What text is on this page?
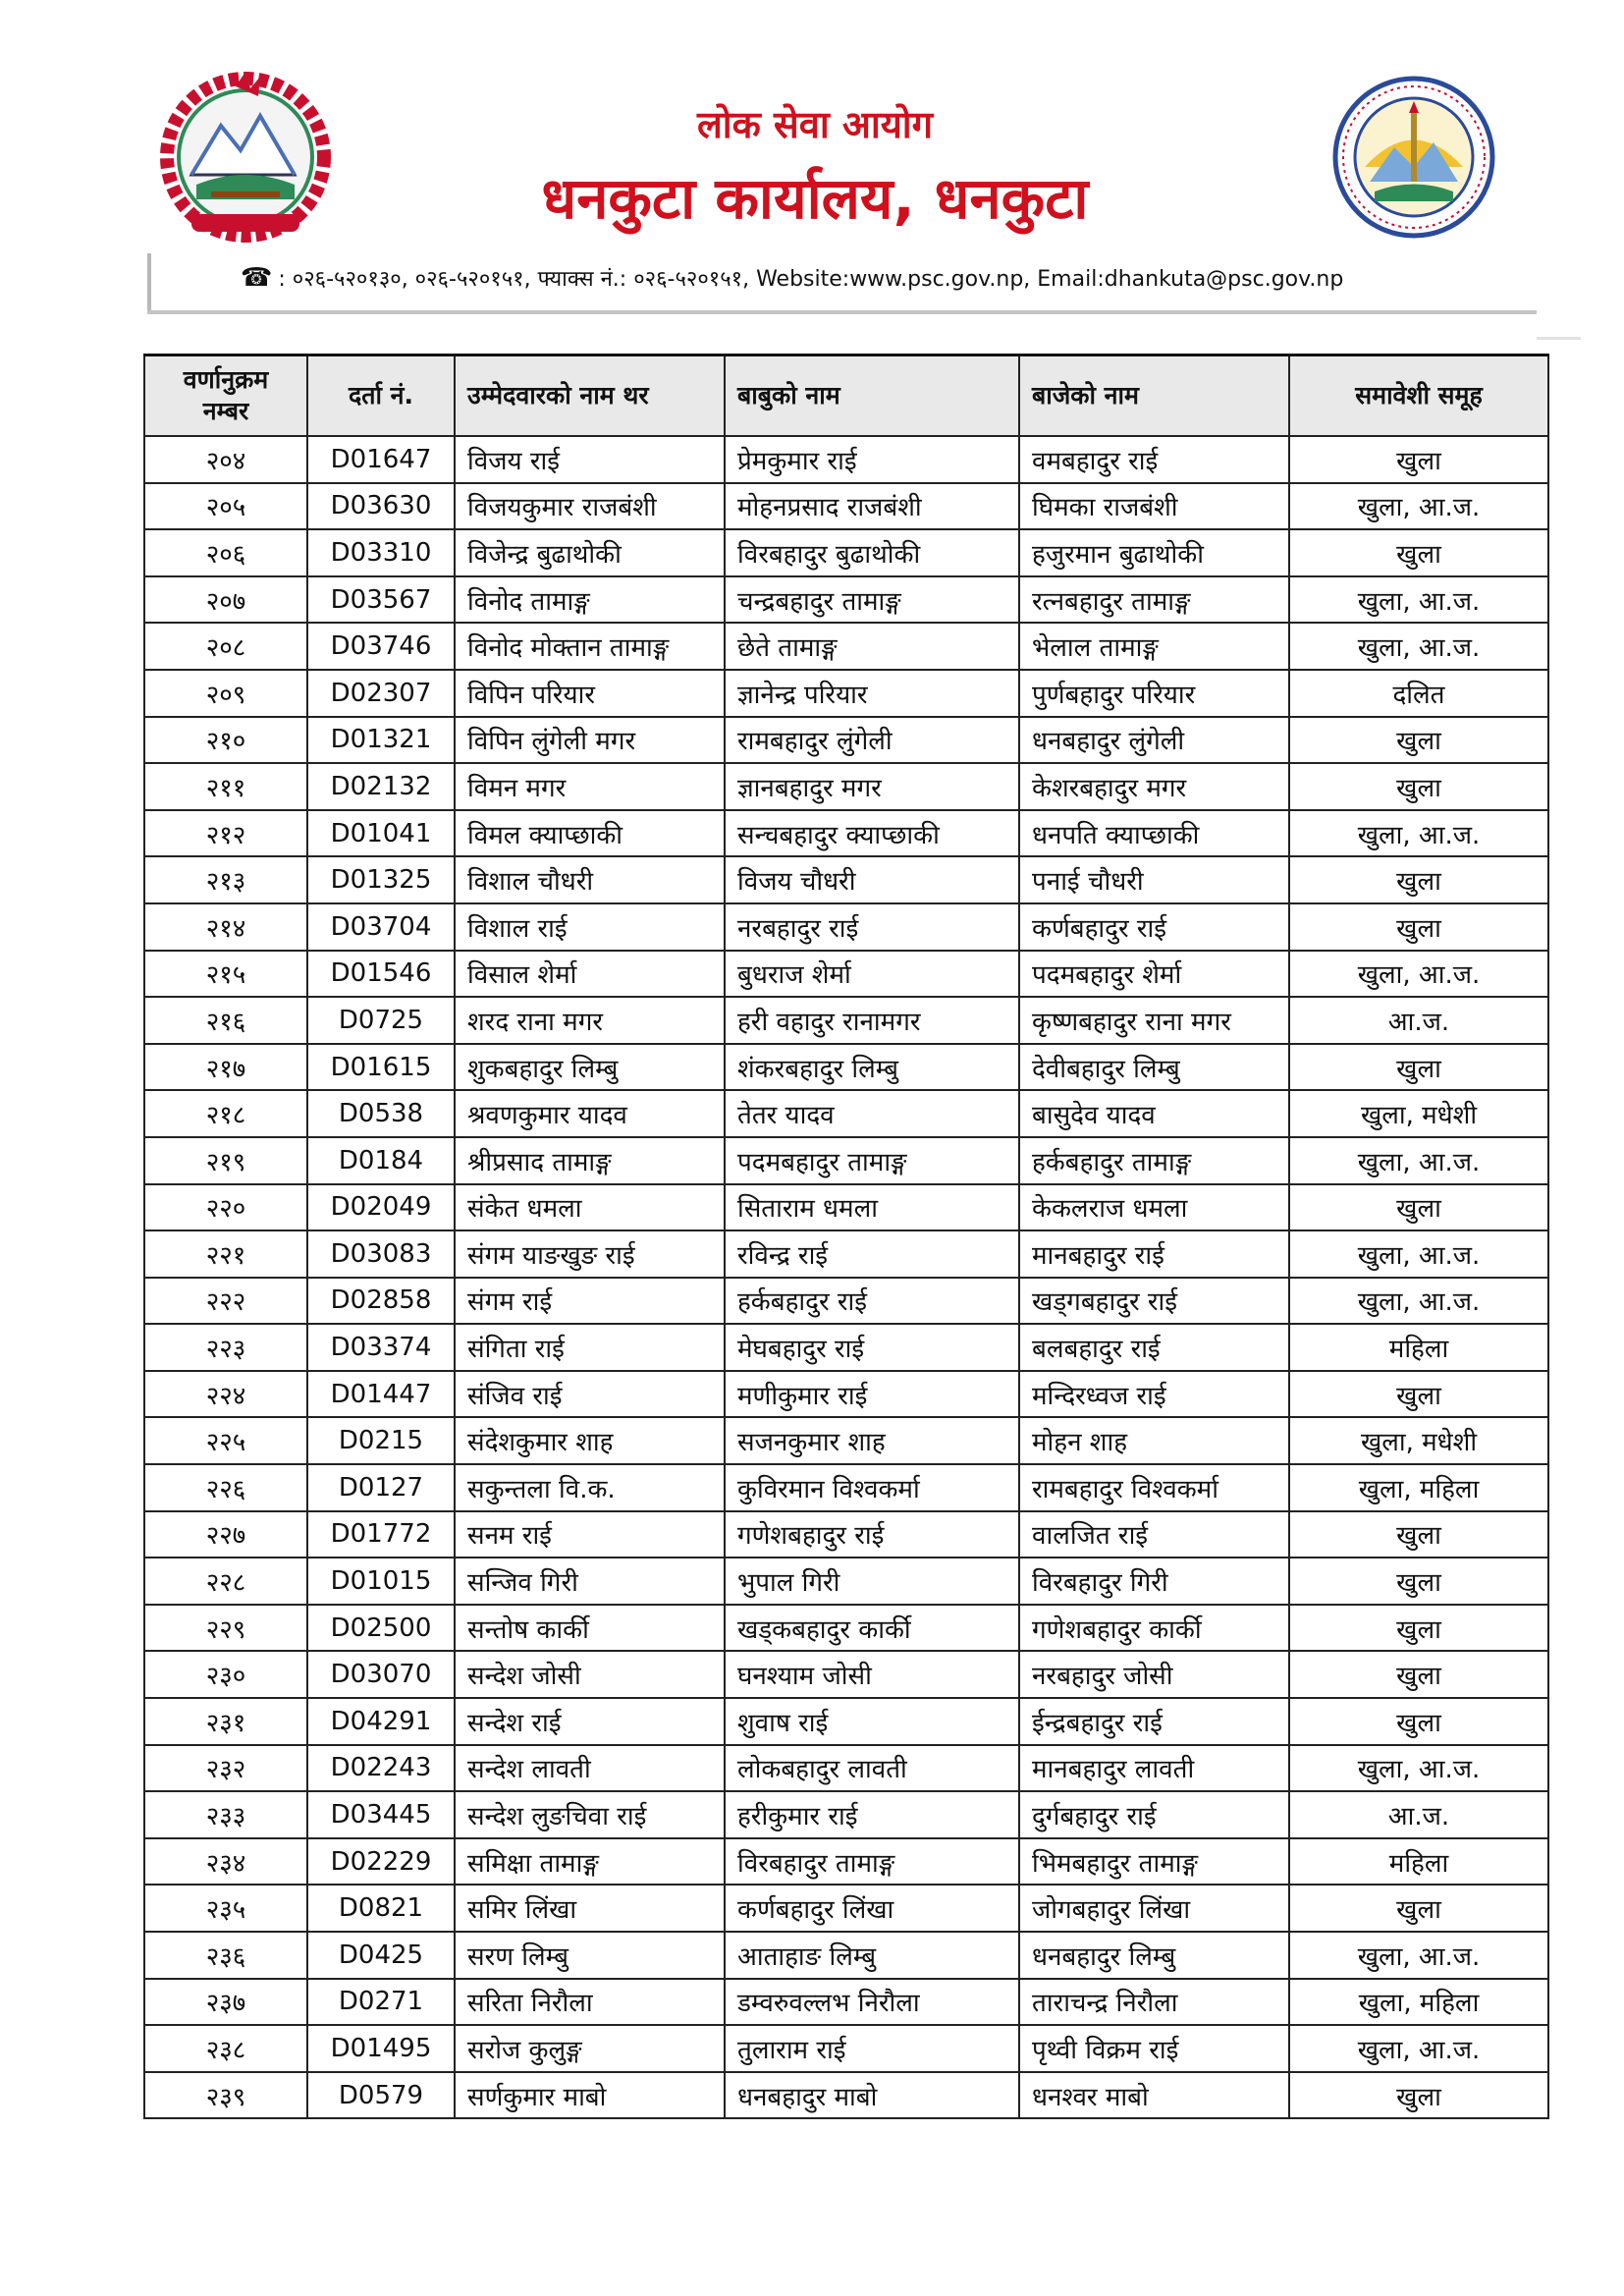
लोक सेवा आयोग
धनकुटा कार्यालय, धनकुटा
☎ : ०२६-५२०१३०, ०२६-५२०१५१, फ्याक्स नं.: ०२६-५२०१५१, Website:www.psc.gov.np, Email:dhankuta@psc.gov.np
वर्णानुक्रम नम्बर	दर्ता नं.	उम्मेदवारको नाम थर	बाबुको नाम	बाजेको नाम	समावेशी समूह
२०४	D01647	विजय राई	प्रेमकुमार राई	वमबहादुर राई	खुला
२०५	D03630	विजयकुमार राजबंशी	मोहनप्रसाद राजबंशी	घिमका राजबंशी	खुला, आ.ज.
२०६	D03310	विजेन्द्र बुढाथोकी	विरबहादुर बुढाथोकी	हजुरमान बुढाथोकी	खुला
२०७	D03567	विनोद तामाङ्ग	चन्द्रबहादुर तामाङ्ग	रत्नबहादुर तामाङ्ग	खुला, आ.ज.
२०८	D03746	विनोद मोक्तान तामाङ्ग	छेते तामाङ्ग	भेलाल तामाङ्ग	खुला, आ.ज.
२०९	D02307	विपिन परियार	ज्ञानेन्द्र परियार	पुर्णबहादुर परियार	दलित
२१०	D01321	विपिन लुंगेली मगर	रामबहादुर लुंगेली	धनबहादुर लुंगेली	खुला
२११	D02132	विमन मगर	ज्ञानबहादुर मगर	केशरबहादुर मगर	खुला
२१२	D01041	विमल क्याप्छाकी	सन्चबहादुर क्याप्छाकी	धनपति क्याप्छाकी	खुला, आ.ज.
२१३	D01325	विशाल चौधरी	विजय चौधरी	पनाई चौधरी	खुला
२१४	D03704	विशाल राई	नरबहादुर राई	कर्णबहादुर राई	खुला
२१५	D01546	विसाल शेर्मा	बुधराज शेर्मा	पदमबहादुर शेर्मा	खुला, आ.ज.
२१६	D0725	शरद राना मगर	हरी वहादुर रानामगर	कृष्णबहादुर राना मगर	आ.ज.
२१७	D01615	शुकबहादुर लिम्बु	शंकरबहादुर लिम्बु	देवीबहादुर लिम्बु	खुला
२१८	D0538	श्रवणकुमार यादव	तेतर यादव	बासुदेव यादव	खुला, मधेशी
२१९	D0184	श्रीप्रसाद तामाङ्ग	पदमबहादुर तामाङ्ग	हर्कबहादुर तामाङ्ग	खुला, आ.ज.
२२०	D02049	संकेत धमला	सिताराम धमला	केकलराज धमला	खुला
२२१	D03083	संगम याङखुङ राई	रविन्द्र राई	मानबहादुर राई	खुला, आ.ज.
२२२	D02858	संगम राई	हर्कबहादुर राई	खड्गबहादुर राई	खुला, आ.ज.
२२३	D03374	संगिता राई	मेघबहादुर राई	बलबहादुर राई	महिला
२२४	D01447	संजिव राई	मणीकुमार राई	मन्दिरध्वज राई	खुला
२२५	D0215	संदेशकुमार शाह	सजनकुमार शाह	मोहन शाह	खुला, मधेशी
२२६	D0127	सकुन्तला वि.क.	कुविरमान विश्वकर्मा	रामबहादुर विश्वकर्मा	खुला, महिला
२२७	D01772	सनम राई	गणेशबहादुर राई	वालजित राई	खुला
२२८	D01015	सन्जिव गिरी	भुपाल गिरी	विरबहादुर गिरी	खुला
२२९	D02500	सन्तोष कार्की	खड्कबहादुर कार्की	गणेशबहादुर कार्की	खुला
२३०	D03070	सन्देश जोसी	घनश्याम जोसी	नरबहादुर जोसी	खुला
२३१	D04291	सन्देश राई	शुवाष राई	ईन्द्रबहादुर राई	खुला
२३२	D02243	सन्देश लावती	लोकबहादुर लावती	मानबहादुर लावती	खुला, आ.ज.
२३३	D03445	सन्देश लुङचिवा राई	हरीकुमार राई	दुर्गबहादुर राई	आ.ज.
२३४	D02229	समिक्षा तामाङ्ग	विरबहादुर तामाङ्ग	भिमबहादुर तामाङ्ग	महिला
२३५	D0821	समिर लिंखा	कर्णबहादुर लिंखा	जोगबहादुर लिंखा	खुला
२३६	D0425	सरण लिम्बु	आताहाङ लिम्बु	धनबहादुर लिम्बु	खुला, आ.ज.
२३७	D0271	सरिता निरौला	डम्वरुवल्लभ निरौला	ताराचन्द्र निरौला	खुला, महिला
२३८	D01495	सरोज कुलुङ्ग	तुलाराम राई	पृथ्वी विक्रम राई	खुला, आ.ज.
२३९	D0579	सर्णकुमार माबो	धनबहादुर माबो	धनश्वर माबो	खुला
